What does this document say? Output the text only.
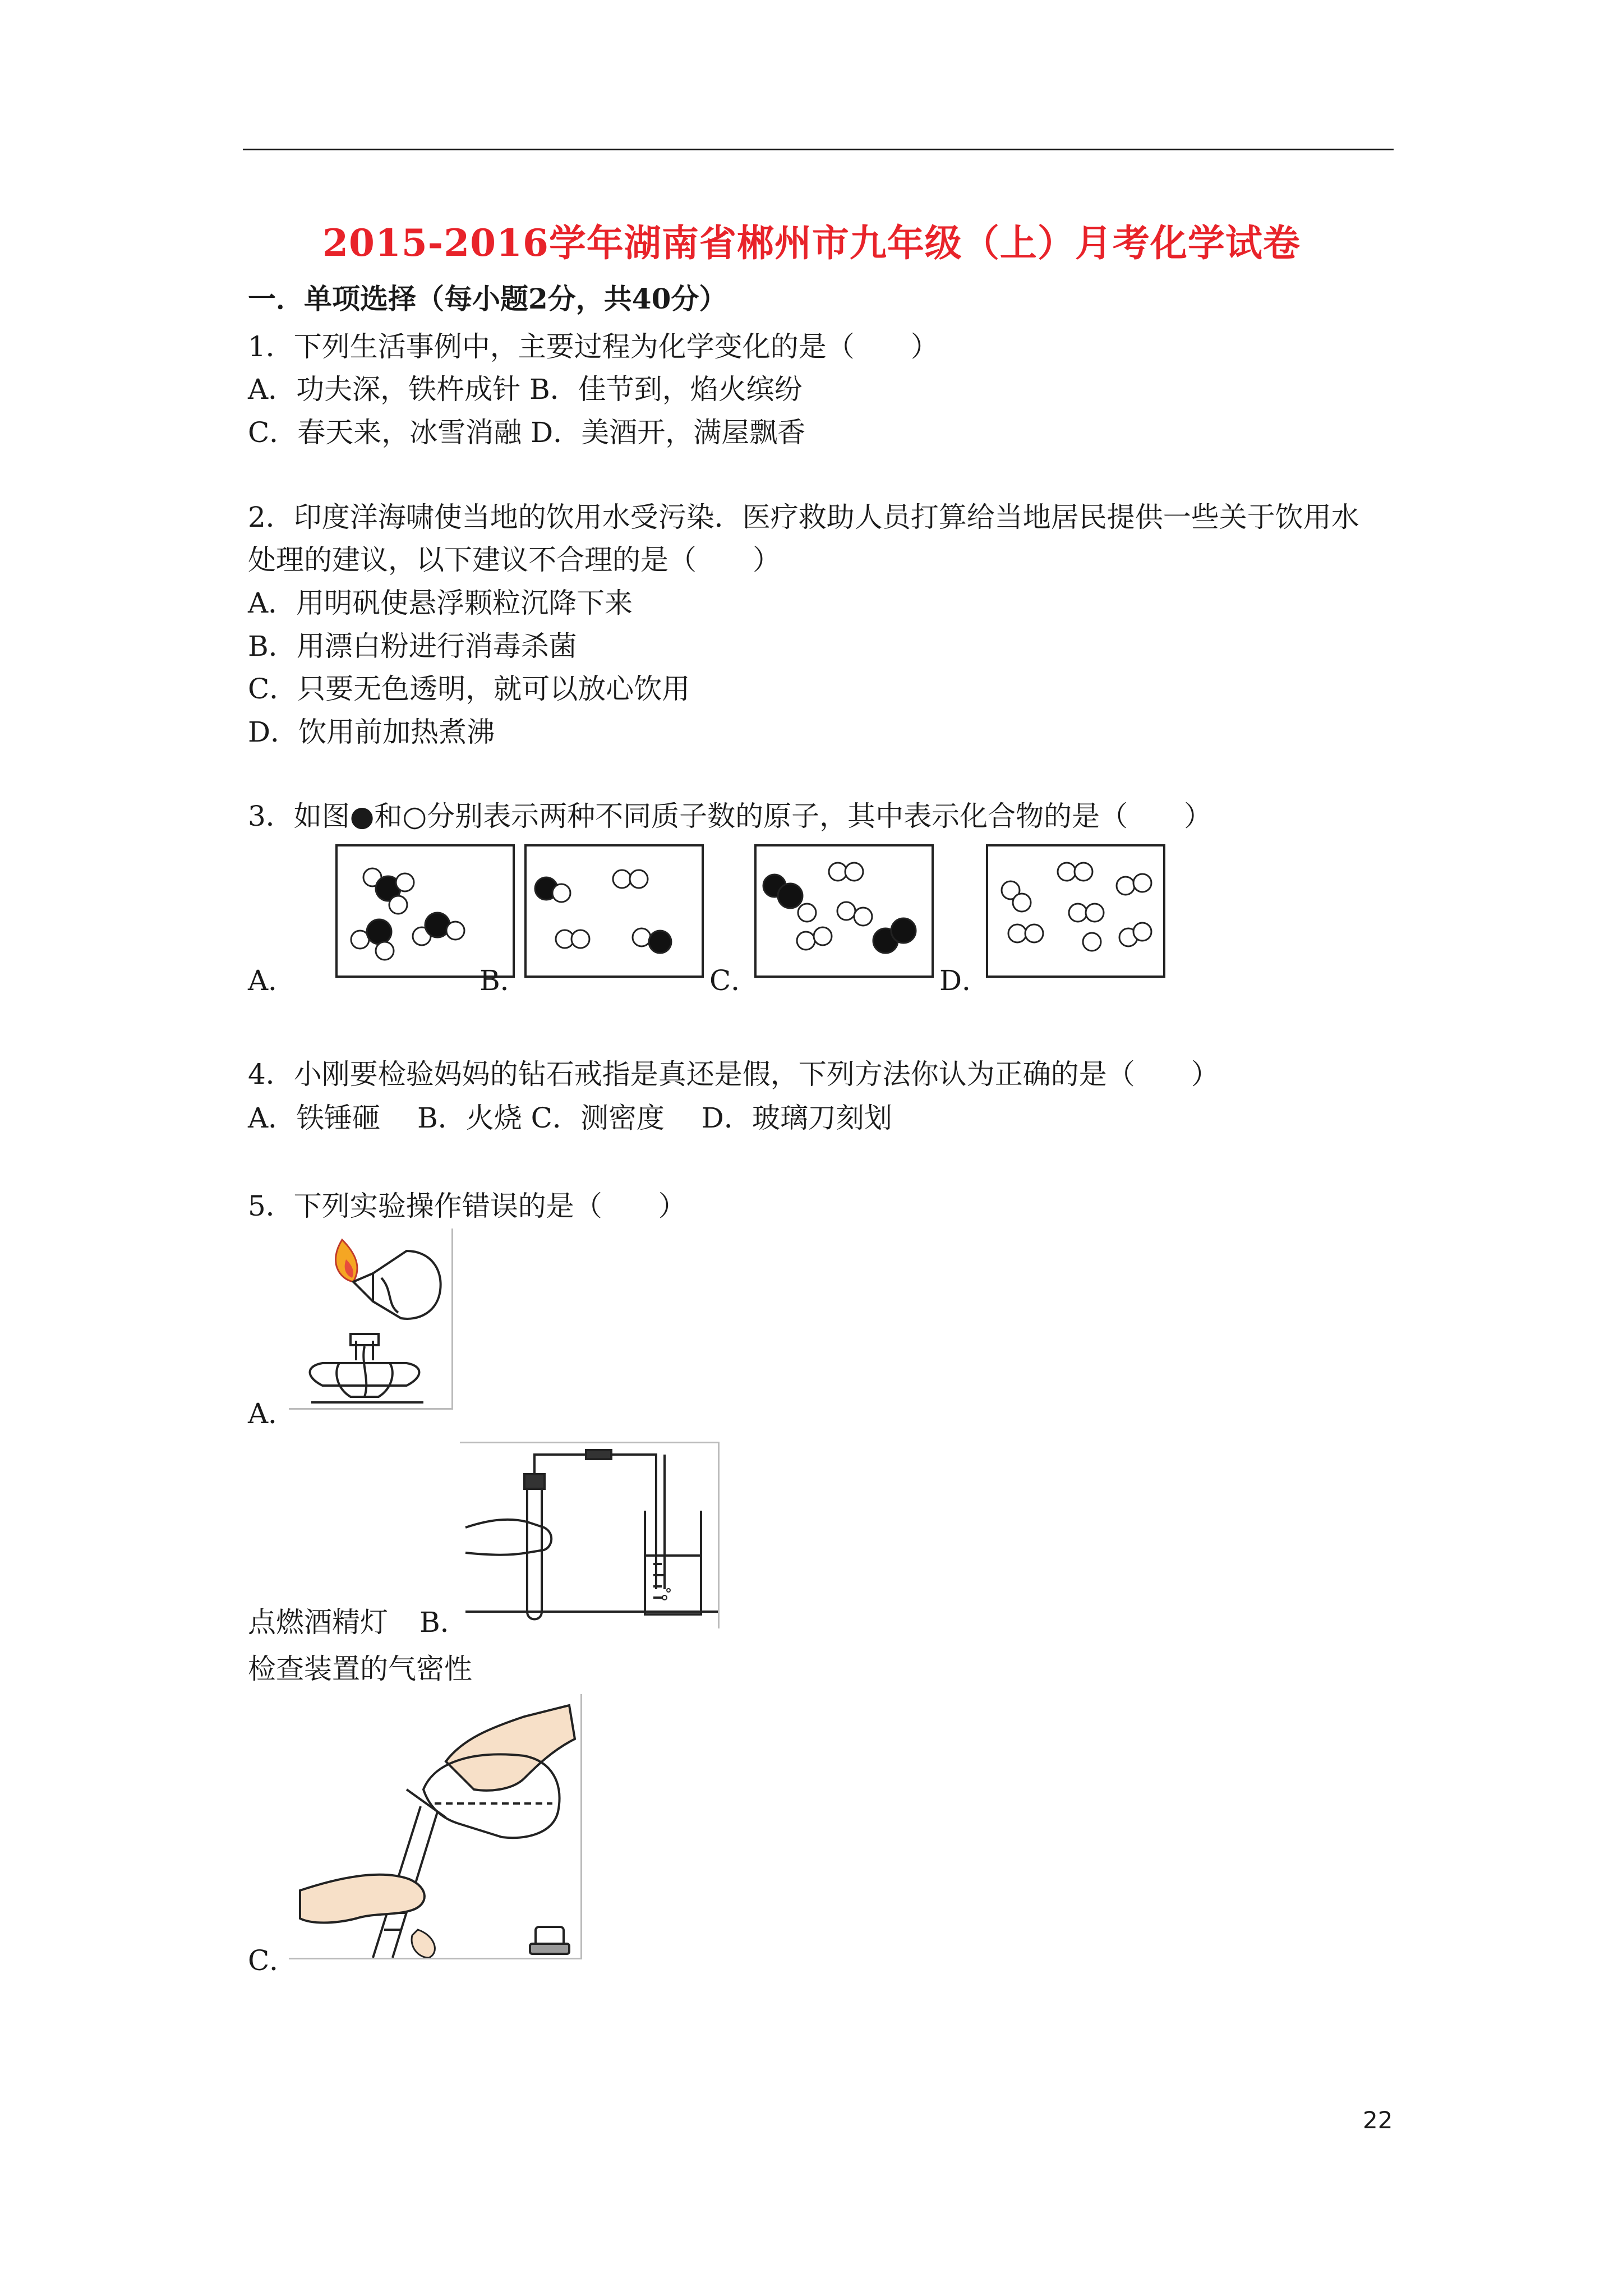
2015-2016学年湖南省郴州市九年级（上）月考化学试卷
一．单项选择（每小题2分，共40分）
1．下列生活事例中，主要过程为化学变化的是（　　）
A．功夫深，铁杵成针 B．佳节到，焰火缤纷
C．春天来，冰雪消融 D．美酒开，满屋飘香
2．印度洋海啸使当地的饮用水受污染．医疗救助人员打算给当地居民提供一些关于饮用水
处理的建议，以下建议不合理的是（　　）
A．用明矾使悬浮颗粒沉降下来
B．用漂白粉进行消毒杀菌
C．只要无色透明，就可以放心饮用
D．饮用前加热煮沸
3．如图●和○分别表示两种不同质子数的原子，其中表示化合物的是（　　）
A．	B．	C．	D．
4．小刚要检验妈妈的钻石戒指是真还是假，下列方法你认为正确的是（　　）
A．铁锤砸　 B．火烧 C．测密度　 D．玻璃刀刻划
5．下列实验操作错误的是（　　）
A．
点燃酒精灯 B．
检查装置的气密性
C．
22
